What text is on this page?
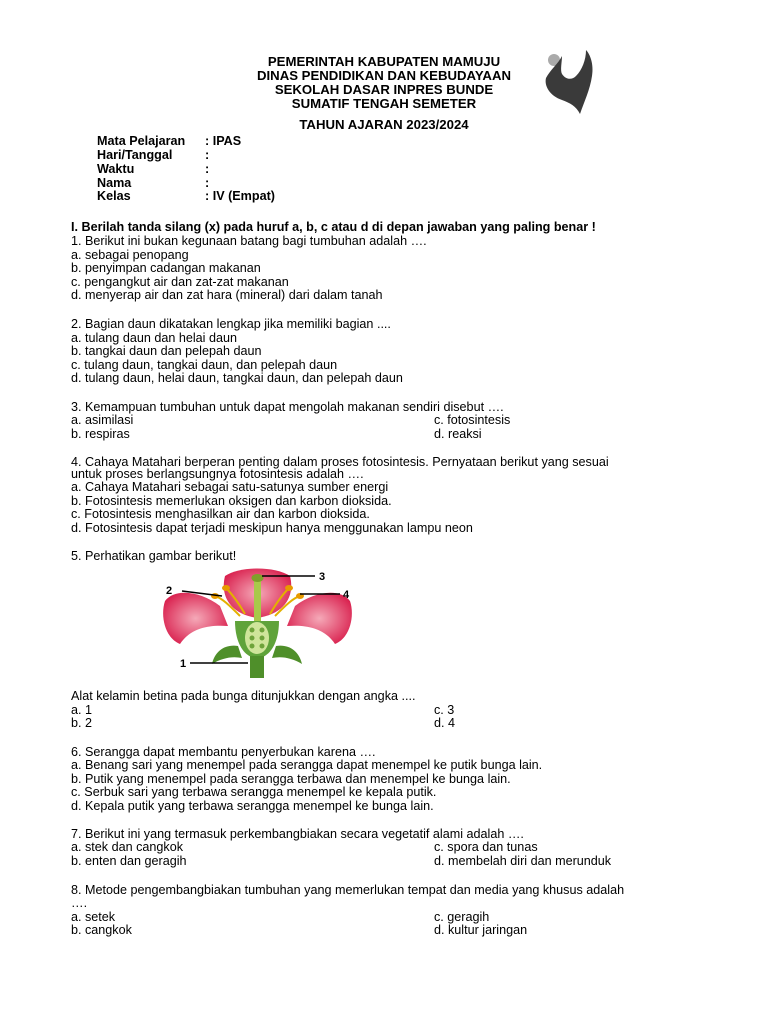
PEMERINTAH KABUPATEN MAMUJU
DINAS PENDIDIKAN DAN KEBUDAYAAN
SEKOLAH DASAR INPRES BUNDE
SUMATIF TENGAH SEMETER
TAHUN AJARAN 2023/2024
Mata Pelajaran : IPAS
Hari/Tanggal	:
Waktu	:
Nama	:
Kelas	: IV (Empat)
I. Berilah tanda silang (x) pada huruf a, b, c atau d di depan jawaban yang paling benar !
1. Berikut ini bukan kegunaan batang bagi tumbuhan adalah ….
a. sebagai penopang
b. penyimpan cadangan makanan
c. pengangkut air dan zat-zat makanan
d. menyerap air dan zat hara (mineral) dari dalam tanah
2. Bagian daun dikatakan lengkap jika memiliki bagian ....
a. tulang daun dan helai daun
b. tangkai daun dan pelepah daun
c. tulang daun, tangkai daun, dan pelepah daun
d. tulang daun, helai daun, tangkai daun, dan pelepah daun
3. Kemampuan tumbuhan untuk dapat mengolah makanan sendiri disebut ….
a. asimilasi	c. fotosintesis
b. respiras	d. reaksi
4. Cahaya Matahari berperan penting dalam proses fotosintesis. Pernyataan berikut yang sesuai
untuk proses berlangsungnya fotosintesis adalah ….
a. Cahaya Matahari sebagai satu-satunya sumber energi
b. Fotosintesis memerlukan oksigen dan karbon dioksida.
c. Fotosintesis menghasilkan air dan karbon dioksida.
d. Fotosintesis dapat terjadi meskipun hanya menggunakan lampu neon
5. Perhatikan gambar berikut!
1
2
3
4
Alat kelamin betina pada bunga ditunjukkan dengan angka ....
a. 1	c. 3
b. 2	d. 4
6. Serangga dapat membantu penyerbukan karena ….
a. Benang sari yang menempel pada serangga dapat menempel ke putik bunga lain.
b. Putik yang menempel pada serangga terbawa dan menempel ke bunga lain.
c. Serbuk sari yang terbawa serangga menempel ke kepala putik.
d. Kepala putik yang terbawa serangga menempel ke bunga lain.
7. Berikut ini yang termasuk perkembangbiakan secara vegetatif alami adalah ….
a. stek dan cangkok	c. spora dan tunas
b. enten dan geragih	d. membelah diri dan merunduk
8. Metode pengembangbiakan tumbuhan yang memerlukan tempat dan media yang khusus adalah
….
a. setek	c. geragih
b. cangkok	d. kultur jaringan
